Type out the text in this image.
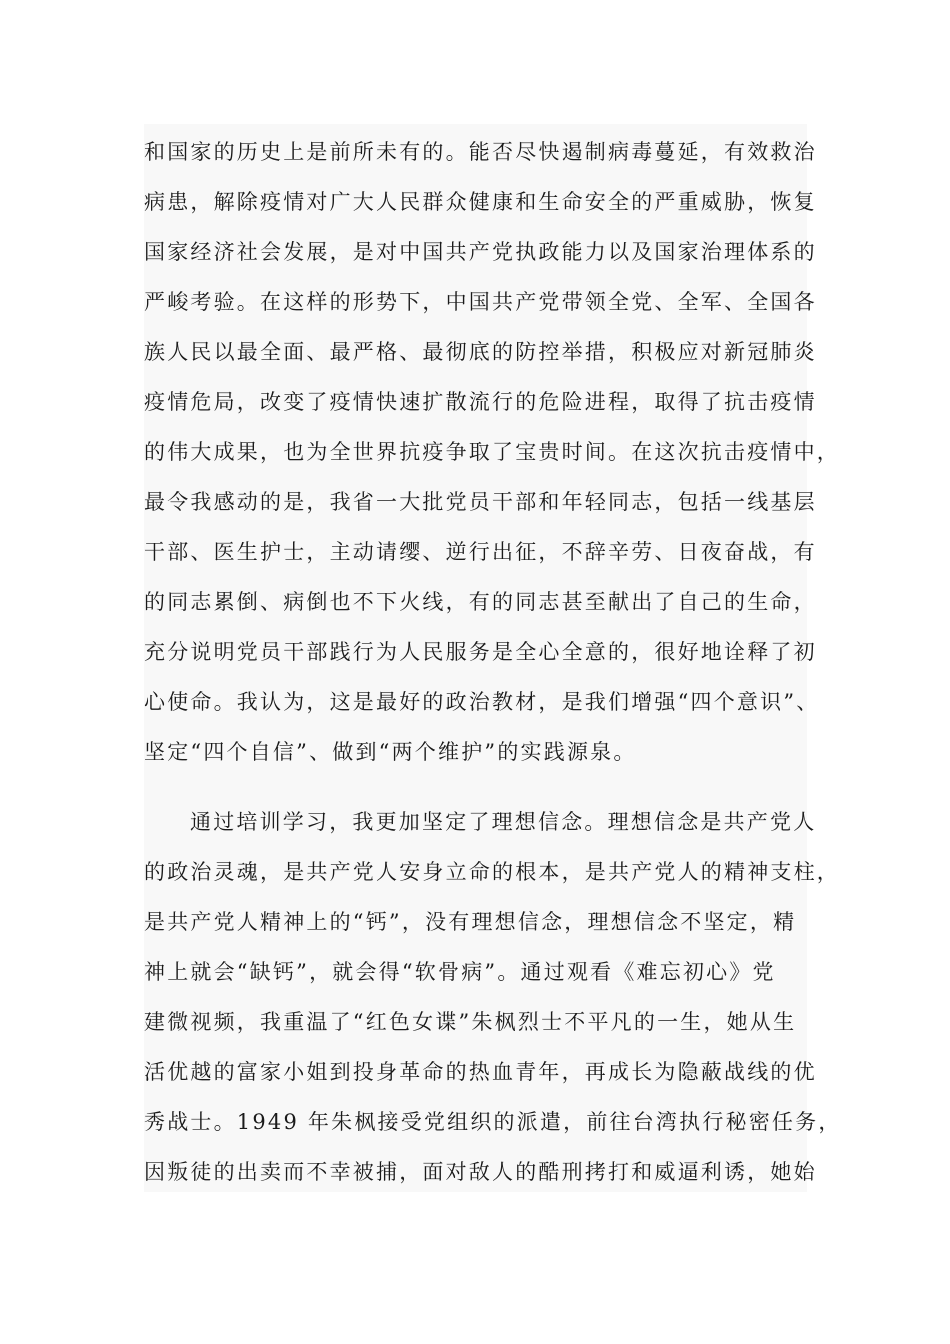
和国家的历史上是前所未有的。能否尽快遏制病毒蔓延，有效救治
病患，解除疫情对广大人民群众健康和生命安全的严重威胁，恢复
国家经济社会发展，是对中国共产党执政能力以及国家治理体系的
严峻考验。在这样的形势下，中国共产党带领全党、全军、全国各
族人民以最全面、最严格、最彻底的防控举措，积极应对新冠肺炎
疫情危局，改变了疫情快速扩散流行的危险进程，取得了抗击疫情
的伟大成果，也为全世界抗疫争取了宝贵时间。在这次抗击疫情中，
最令我感动的是，我省一大批党员干部和年轻同志，包括一线基层
干部、医生护士，主动请缨、逆行出征，不辞辛劳、日夜奋战，有
的同志累倒、病倒也不下火线，有的同志甚至献出了自己的生命，
充分说明党员干部践行为人民服务是全心全意的，很好地诠释了初
心使命。我认为，这是最好的政治教材，是我们增强“四个意识”、
坚定“四个自信”、做到“两个维护”的实践源泉。
通过培训学习，我更加坚定了理想信念。理想信念是共产党人
的政治灵魂，是共产党人安身立命的根本，是共产党人的精神支柱，
是共产党人精神上的“钙”，没有理想信念，理想信念不坚定，精
神上就会“缺钙”，就会得“软骨病”。通过观看《难忘初心》党
建微视频，我重温了“红色女谍”朱枫烈士不平凡的一生，她从生
活优越的富家小姐到投身革命的热血青年，再成长为隐蔽战线的优
秀战士。1949 年朱枫接受党组织的派遣，前往台湾执行秘密任务，
因叛徒的出卖而不幸被捕，面对敌人的酷刑拷打和威逼利诱，她始
